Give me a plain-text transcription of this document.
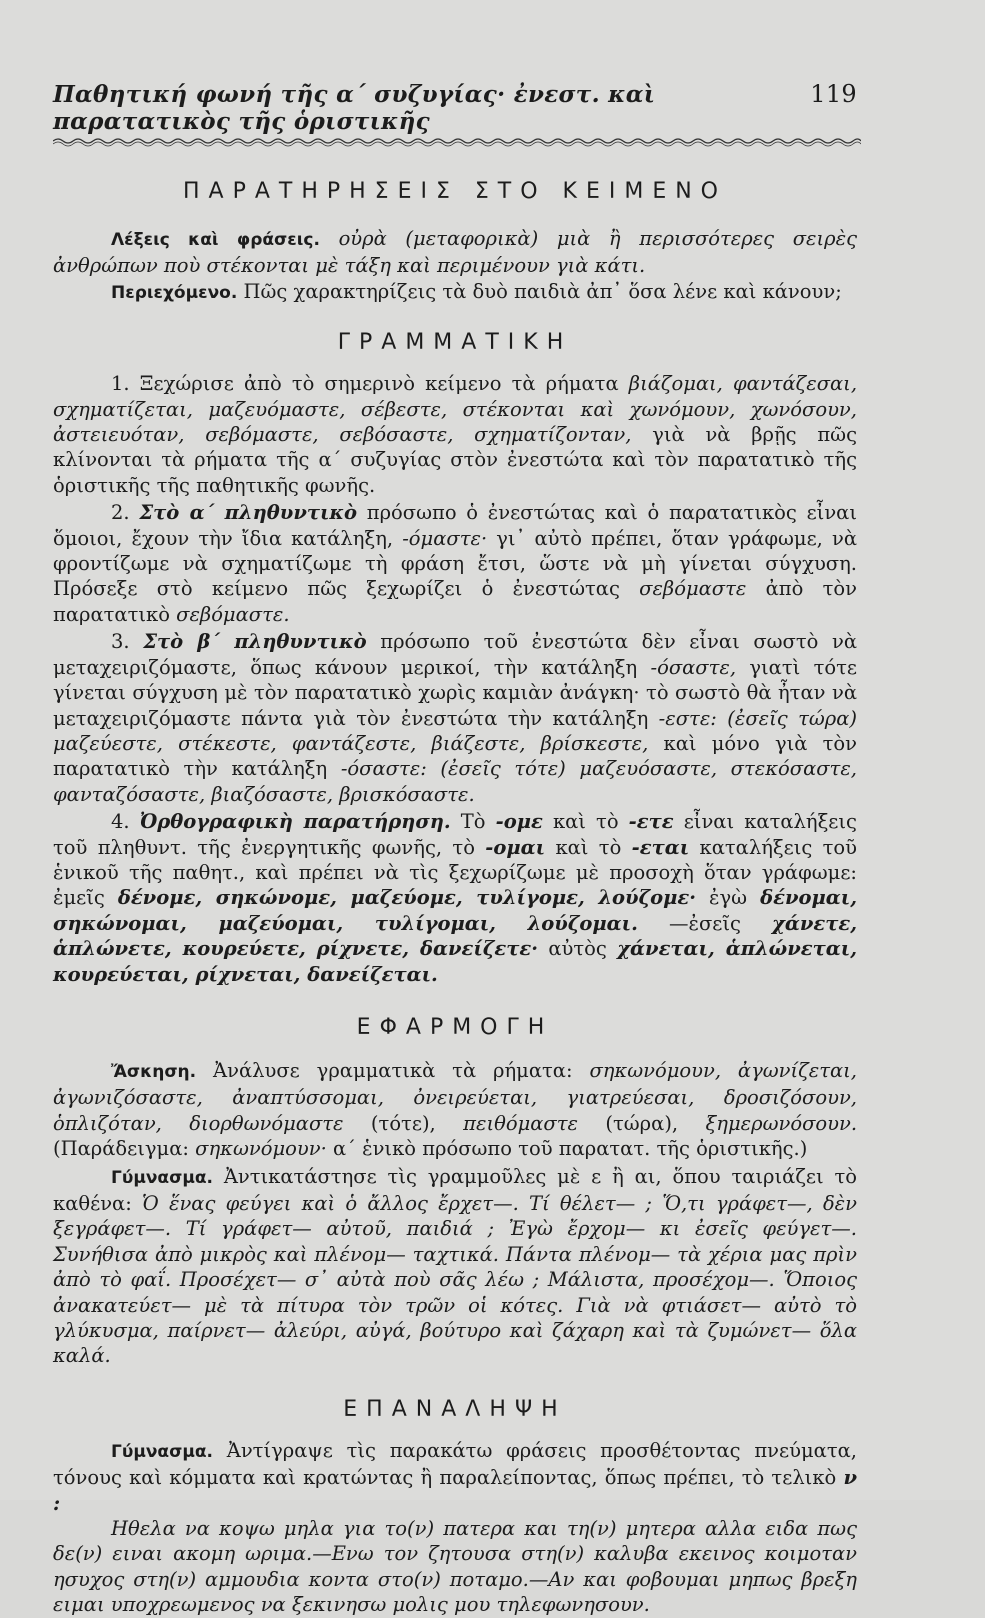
Παθητική φωνή τῆς α΄ συζυγίας· ἐνεστ. καὶ παρατατικὸς τῆς ὁριστικῆς
119
ΠΑΡΑΤΗΡΗΣΕΙΣ ΣΤΟ ΚΕΙΜΕΝΟ

Λέξεις καὶ φράσεις. οὐρὰ (μεταφορικὰ) μιὰ ἢ περισσότερες σειρὲς ἀνθρώπων ποὺ στέκονται μὲ τάξη καὶ περιμένουν γιὰ κάτι.

Περιεχόμενο. Πῶς χαρακτηρίζεις τὰ δυὸ παιδιὰ ἀπ᾿ ὅσα λένε καὶ κάνουν;

ΓΡΑΜΜΑΤΙΚΗ

1. Ξεχώρισε ἀπὸ τὸ σημερινὸ κείμενο τὰ ρήματα βιάζομαι, φαντάζεσαι, σχηματίζεται, μαζευόμαστε, σέβεστε, στέκονται καὶ χωνόμουν, χωνόσουν, ἀστειευόταν, σεβόμαστε, σεβόσαστε, σχηματίζονταν, γιὰ νὰ βρῇς πῶς κλίνονται τὰ ρήματα τῆς α΄ συζυγίας στὸν ἐνεστώτα καὶ τὸν παρατατικὸ τῆς ὁριστικῆς τῆς παθητικῆς φωνῆς.

2. Στὸ α΄ πληθυντικὸ πρόσωπο ὁ ἐνεστώτας καὶ ὁ παρατατικὸς εἶναι ὅμοιοι, ἔχουν τὴν ἴδια κατάληξη, -όμαστε· γι᾿ αὐτὸ πρέπει, ὅταν γράφωμε, νὰ φροντίζωμε νὰ σχηματίζωμε τὴ φράση ἔτσι, ὥστε νὰ μὴ γίνεται σύγχυση. Πρόσεξε στὸ κείμενο πῶς ξεχωρίζει ὁ ἐνεστώτας σεβόμαστε ἀπὸ τὸν παρατατικὸ σεβόμαστε.

3. Στὸ β΄ πληθυντικὸ πρόσωπο τοῦ ἐνεστώτα δὲν εἶναι σωστὸ νὰ μεταχειριζόμαστε, ὅπως κάνουν μερικοί, τὴν κατάληξη -όσαστε, γιατὶ τότε γίνεται σύγχυση μὲ τὸν παρατατικὸ χωρὶς καμιὰν ἀνάγκη· τὸ σωστὸ θὰ ἦταν νὰ μεταχειριζόμαστε πάντα γιὰ τὸν ἐνεστώτα τὴν κατάληξη -εστε: (ἐσεῖς τώρα) μαζεύεστε, στέκεστε, φαντάζεστε, βιάζεστε, βρίσκεστε, καὶ μόνο γιὰ τὸν παρατατικὸ τὴν κατάληξη -όσαστε: (ἐσεῖς τότε) μαζευόσαστε, στεκόσαστε, φανταζόσαστε, βιαζόσαστε, βρισκόσαστε.

4. Ὀρθογραφικὴ παρατήρηση. Τὸ -ομε καὶ τὸ -ετε εἶναι καταλήξεις τοῦ πληθυντ. τῆς ἐνεργητικῆς φωνῆς, τὸ -ομαι καὶ τὸ -εται καταλήξεις τοῦ ἑνικοῦ τῆς παθητ., καὶ πρέπει νὰ τὶς ξεχωρίζωμε μὲ προσοχὴ ὅταν γράφωμε: ἐμεῖς δένομε, σηκώνομε, μαζεύομε, τυλίγομε, λούζομε· ἐγὼ δένομαι, σηκώνομαι, μαζεύομαι, τυλίγομαι, λούζομαι. —ἐσεῖς χάνετε, ἁπλώνετε, κουρεύετε, ρίχνετε, δανείζετε· αὐτὸς χάνεται, ἁπλώνεται, κουρεύεται, ρίχνεται, δανείζεται.

ΕΦΑΡΜΟΓΗ

Ἄσκηση. Ἀνάλυσε γραμματικὰ τὰ ρήματα: σηκωνόμουν, ἀγωνίζεται, ἀγωνιζόσαστε, ἀναπτύσσομαι, ὀνειρεύεται, γιατρεύεσαι, δροσιζόσουν, ὁπλιζόταν, διορθωνόμαστε (τότε), πειθόμαστε (τώρα), ξημερωνόσουν. (Παράδειγμα: σηκωνόμουν· α΄ ἑνικὸ πρόσωπο τοῦ παρατατ. τῆς ὁριστικῆς.)

Γύμνασμα. Ἀντικατάστησε τὶς γραμμοῦλες μὲ ε ἢ αι, ὅπου ταιριάζει τὸ καθένα: Ὁ ἕνας φεύγει καὶ ὁ ἄλλος ἔρχετ—. Τί θέλετ— ; Ὅ,τι γράφετ—, δὲν ξεγράφετ—. Τί γράφετ— αὐτοῦ, παιδιά ; Ἐγὼ ἔρχομ— κι ἐσεῖς φεύγετ—. Συνήθισα ἀπὸ μικρὸς καὶ πλένομ— ταχτικά. Πάντα πλένομ— τὰ χέρια μας πρὶν ἀπὸ τὸ φαΐ. Προσέχετ— σ᾿ αὐτὰ ποὺ σᾶς λέω ; Μάλιστα, προσέχομ—. Ὅποιος ἀνακατεύετ— μὲ τὰ πίτυρα τὸν τρῶν οἱ κότες. Γιὰ νὰ φτιάσετ— αὐτὸ τὸ γλύκυσμα, παίρνετ— ἀλεύρι, αὐγά, βούτυρο καὶ ζάχαρη καὶ τὰ ζυμώνετ— ὅλα καλά.

ΕΠΑΝΑΛΗΨΗ

Γύμνασμα. Ἀντίγραψε τὶς παρακάτω φράσεις προσθέτοντας πνεύματα, τόνους καὶ κόμματα καὶ κρατώντας ἢ παραλείποντας, ὅπως πρέπει, τὸ τελικὸ ν :

Ηθελα να κοψω μηλα για το(ν) πατερα και τη(ν) μητερα αλλα ειδα πως δε(ν) ειναι ακομη ωριμα.—Ενω τον ζητουσα στη(ν) καλυβα εκεινος κοιμοταν ησυχος στη(ν) αμμουδια κοντα στο(ν) ποταμο.—Αν και φοβουμαι μηπως βρεξη ειμαι υποχρεωμενος να ξεκινησω μολις μου τηλεφωνησουν.
